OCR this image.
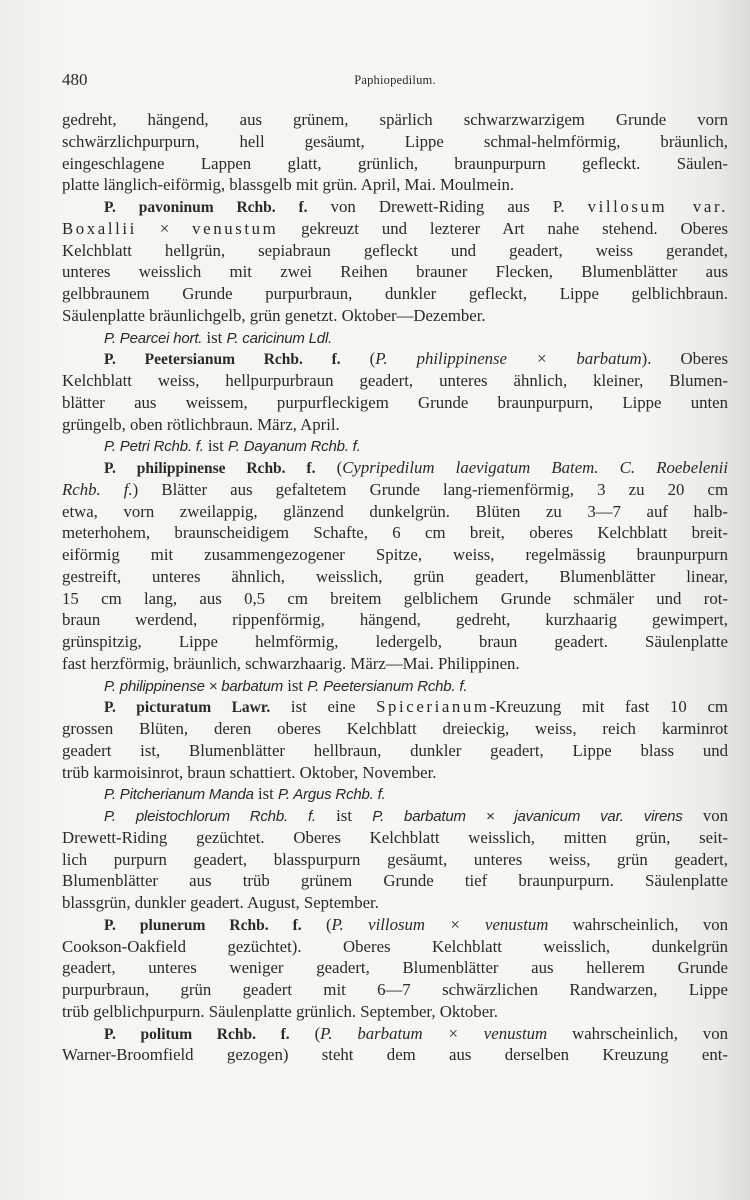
480	Paphiopedilum.
gedreht, hängend, aus grünem, spärlich schwarzwarzigem Grunde vorn
schwärzlichpurpurn, hell gesäumt, Lippe schmal-helmförmig, bräunlich,
eingeschlagene Lappen glatt, grünlich, braunpurpurn gefleckt. Säulen-
platte länglich-eiförmig, blassgelb mit grün. April, Mai. Moulmein.
P. pavoninum Rchb. f. von Drewett-Riding aus P. villosum var.
Boxallii × venustum gekreuzt und lezterer Art nahe stehend. Oberes
Kelchblatt hellgrün, sepiabraun gefleckt und geadert, weiss gerandet,
unteres weisslich mit zwei Reihen brauner Flecken, Blumenblätter aus
gelbbraunem Grunde purpurbraun, dunkler gefleckt, Lippe gelblichbraun.
Säulenplatte bräunlichgelb, grün genetzt. Oktober—Dezember.
P. Pearcei hort. ist P. caricinum Ldl.
P. Peetersianum Rchb. f. (P. philippinense × barbatum). Oberes
Kelchblatt weiss, hellpurpurbraun geadert, unteres ähnlich, kleiner, Blumen-
blätter aus weissem, purpurfleckigem Grunde braunpurpurn, Lippe unten
grüngelb, oben rötlichbraun. März, April.
P. Petri Rchb. f. ist P. Dayanum Rchb. f.
P. philippinense Rchb. f. (Cypripedilum laevigatum Batem. C. Roebelenii
Rchb. f.) Blätter aus gefaltetem Grunde lang-riemenförmig, 3 zu 20 cm
etwa, vorn zweilappig, glänzend dunkelgrün. Blüten zu 3—7 auf halb-
meterhohem, braunscheidigem Schafte, 6 cm breit, oberes Kelchblatt breit-
eiförmig mit zusammengezogener Spitze, weiss, regelmässig braunpurpurn
gestreift, unteres ähnlich, weisslich, grün geadert, Blumenblätter linear,
15 cm lang, aus 0,5 cm breitem gelblichem Grunde schmäler und rot-
braun werdend, rippenförmig, hängend, gedreht, kurzhaarig gewimpert,
grünspitzig, Lippe helmförmig, ledergelb, braun geadert. Säulenplatte
fast herzförmig, bräunlich, schwarzhaarig. März—Mai. Philippinen.
P. philippinense × barbatum ist P. Peetersianum Rchb. f.
P. picturatum Lawr. ist eine Spicerianum-Kreuzung mit fast 10 cm
grossen Blüten, deren oberes Kelchblatt dreieckig, weiss, reich karminrot
geadert ist, Blumenblätter hellbraun, dunkler geadert, Lippe blass und
trüb karmoisinrot, braun schattiert. Oktober, November.
P. Pitcherianum Manda ist P. Argus Rchb. f.
P. pleistochlorum Rchb. f. ist P. barbatum × javanicum var. virens von
Drewett-Riding gezüchtet. Oberes Kelchblatt weisslich, mitten grün, seit-
lich purpurn geadert, blasspurpurn gesäumt, unteres weiss, grün geadert,
Blumenblätter aus trüb grünem Grunde tief braunpurpurn. Säulenplatte
blassgrün, dunkler geadert. August, September.
P. plunerum Rchb. f. (P. villosum × venustum wahrscheinlich, von
Cookson-Oakfield gezüchtet). Oberes Kelchblatt weisslich, dunkelgrün
geadert, unteres weniger geadert, Blumenblätter aus hellerem Grunde
purpurbraun, grün geadert mit 6—7 schwärzlichen Randwarzen, Lippe
trüb gelblichpurpurn. Säulenplatte grünlich. September, Oktober.
P. politum Rchb. f. (P. barbatum × venustum wahrscheinlich, von
Warner-Broomfield gezogen) steht dem aus derselben Kreuzung ent-
